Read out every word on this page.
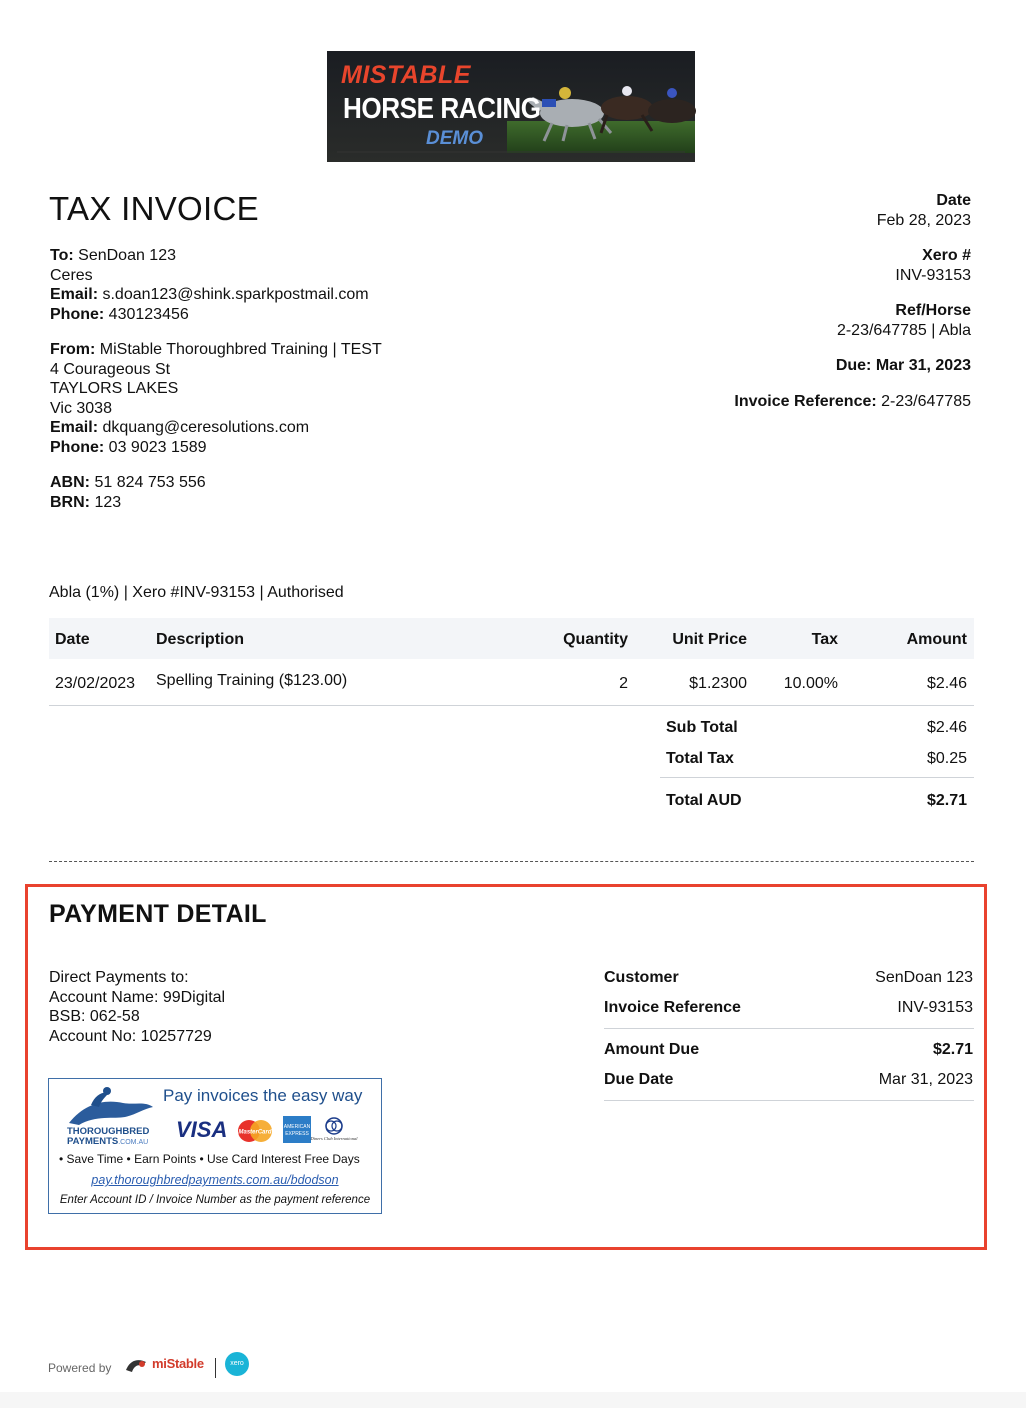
MISTABLE
HORSE RACING
DEMO
TAX INVOICE
To: SenDoan 123
Ceres
Email: s.doan123@shink.sparkpostmail.com
Phone: 430123456
From: MiStable Thoroughbred Training | TEST
4 Courageous St
TAYLORS LAKES
Vic 3038
Email: dkquang@ceresolutions.com
Phone: 03 9023 1589
ABN: 51 824 753 556
BRN: 123
Date
Feb 28, 2023
Xero #
INV-93153
Ref/Horse
2-23/647785 | Abla
Due: Mar 31, 2023
Invoice Reference: 2-23/647785
Abla (1%) | Xero #INV-93153 | Authorised
Date	Description	Quantity	Unit Price	Tax	Amount
23/02/2023 Spelling Training ($123.00)	2	$1.2300 10.00%	$2.46
Sub Total	$2.46
Total Tax	$0.25
Total AUD	$2.71
PAYMENT DETAIL
Direct Payments to:
Account Name: 99Digital
BSB: 062-58
Account No: 10257729
Customer	SenDoan 123
Invoice Reference	INV-93153
Amount Due	$2.71
Due Date	Mar 31, 2023
Pay invoices the easy way
THOROUGHBRED
PAYMENTS.COM.AU
VISA MasterCard
AMERICAN EXPRESS
Diners Club International
• Save Time • Earn Points • Use Card Interest Free Days
pay.thoroughbredpayments.com.au/bdodson
Enter Account ID / Invoice Number as the payment reference
Powered by	miStable	xero
